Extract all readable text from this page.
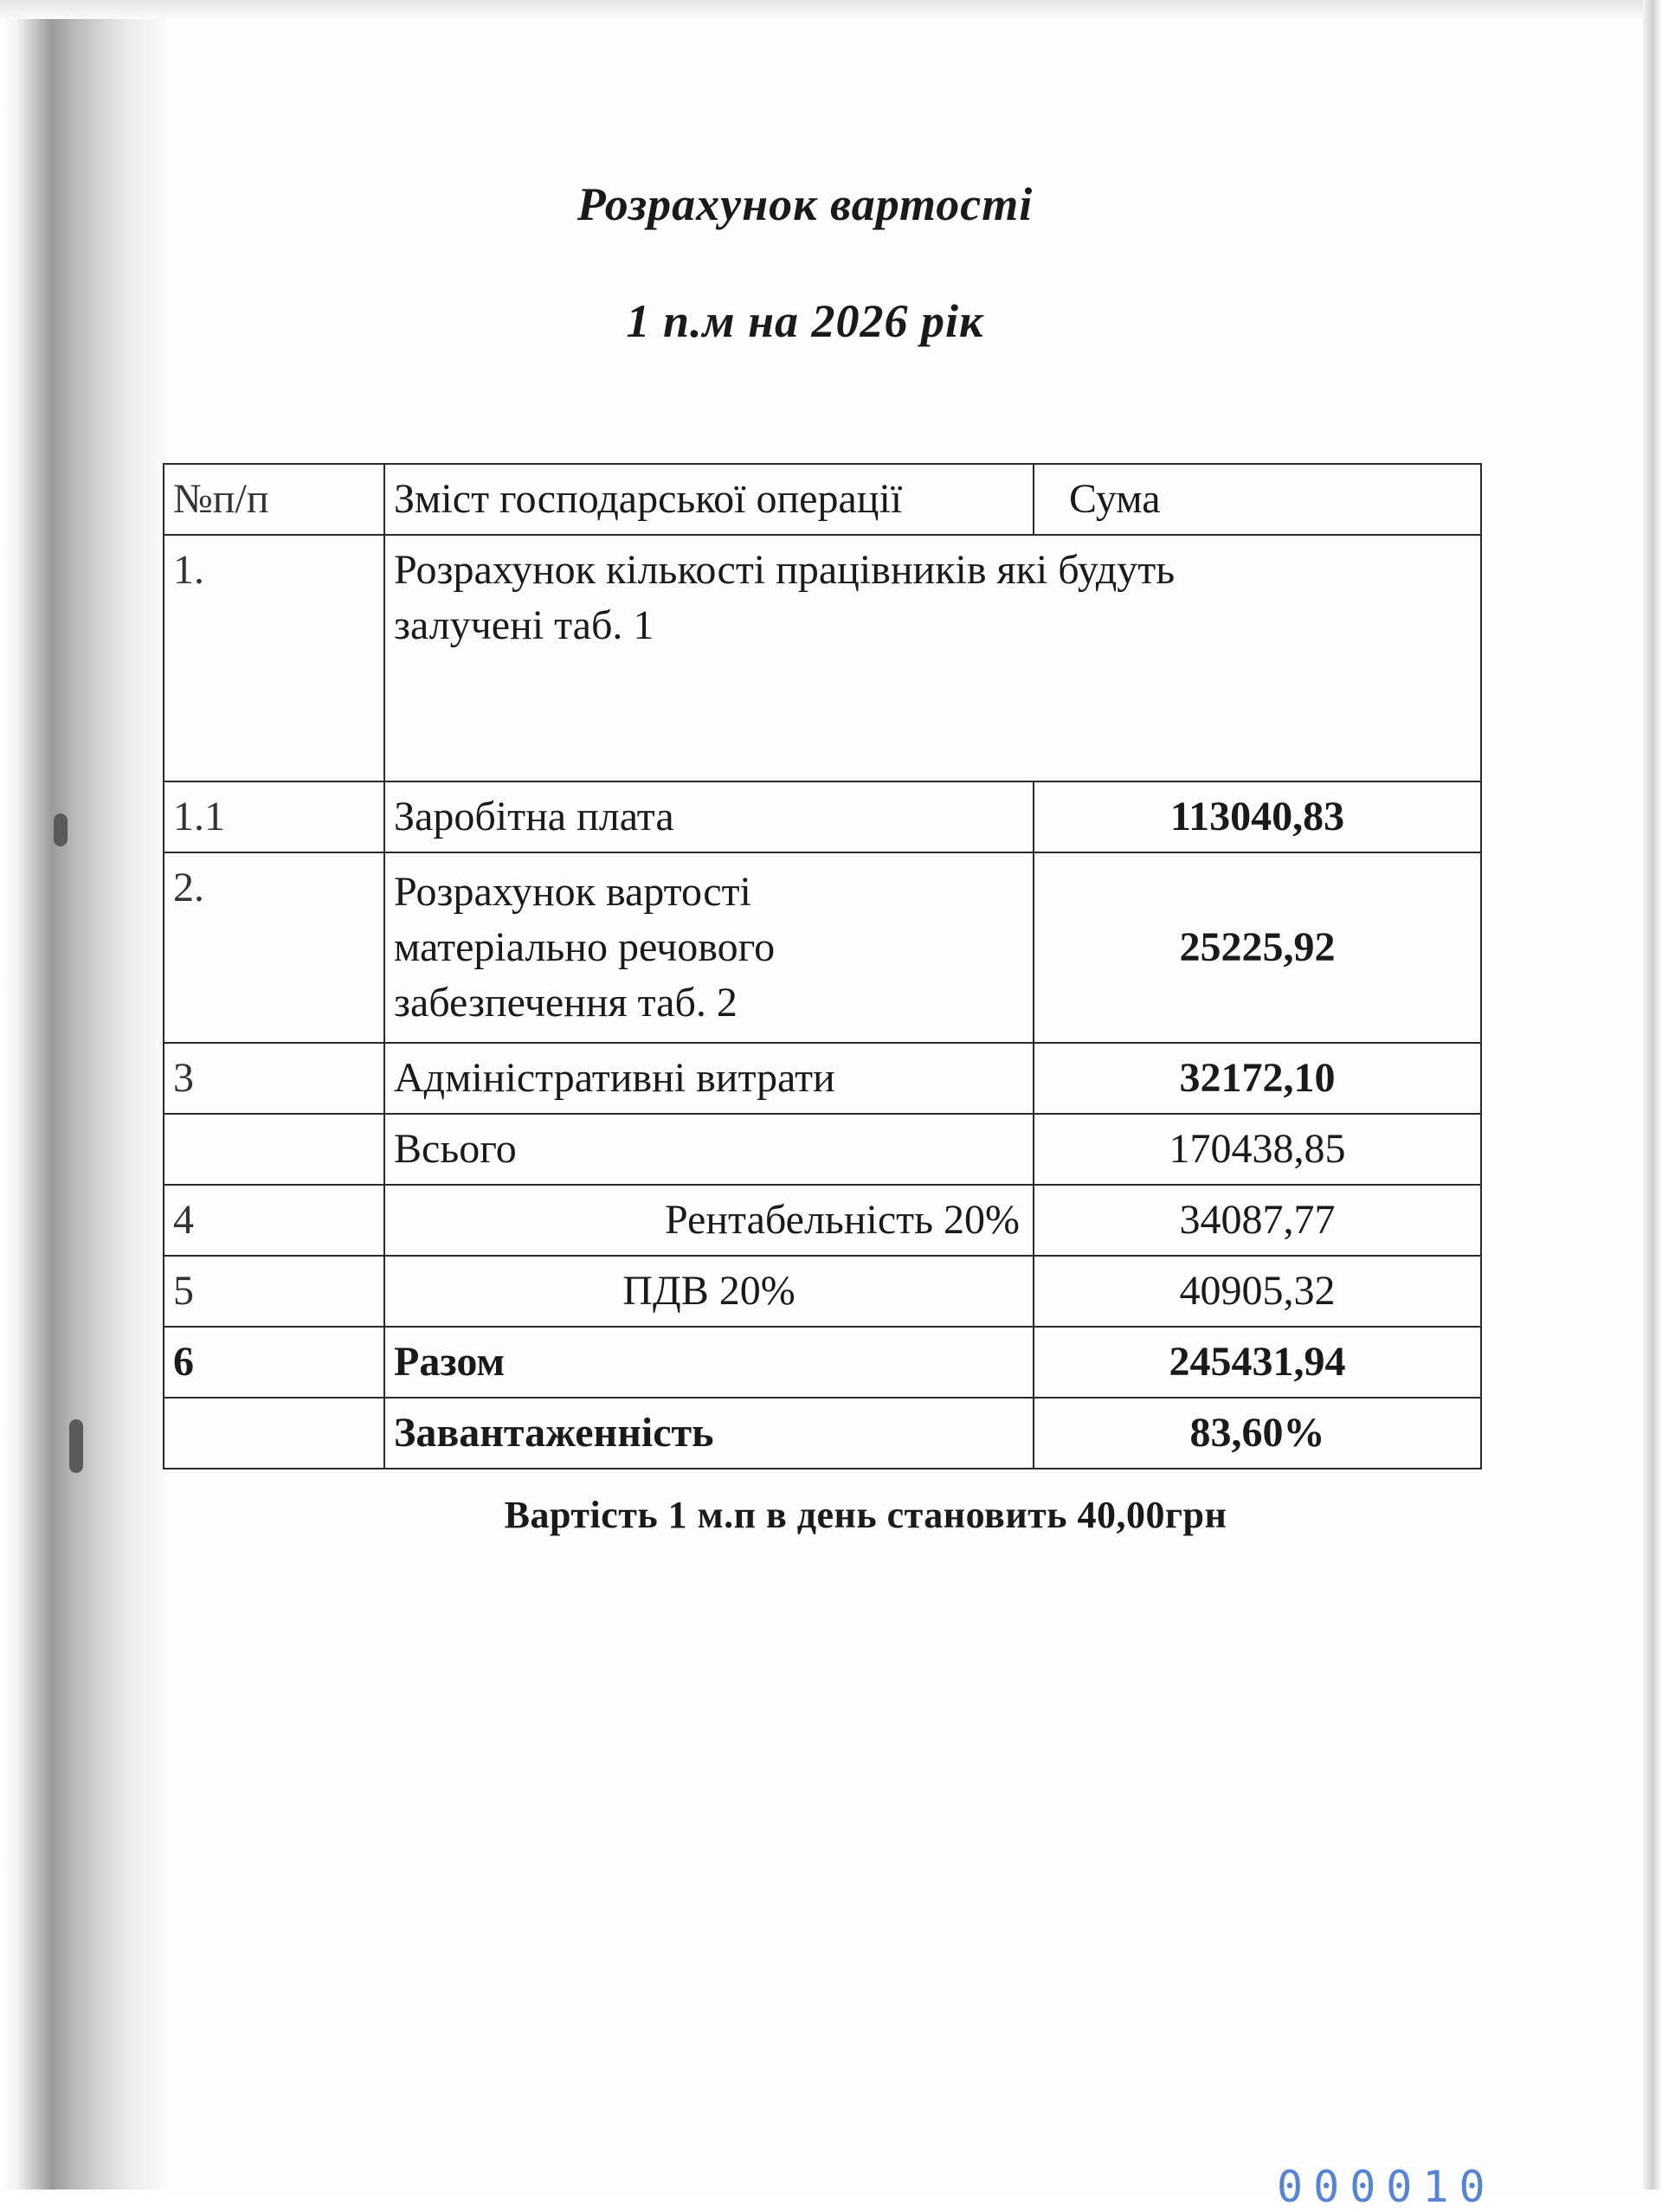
Розрахунок вартості
1 п.м на 2026 рік
№п/п	Зміст господарської операції	Сума
1.	Розрахунок кількості працівників які будуть залучені таб. 1	
1.1	Заробітна плата	113040,83
2.	Розрахунок вартості матеріально речового забезпечення таб. 2	25225,92
3	Адміністративні витрати	32172,10
	Всього	170438,85
4	Рентабельність 20%	34087,77
5	ПДВ 20%	40905,32
6	Разом	245431,94
	Завантаженність	83,60%
Вартість 1 м.п в день становить 40,00грн
000010
